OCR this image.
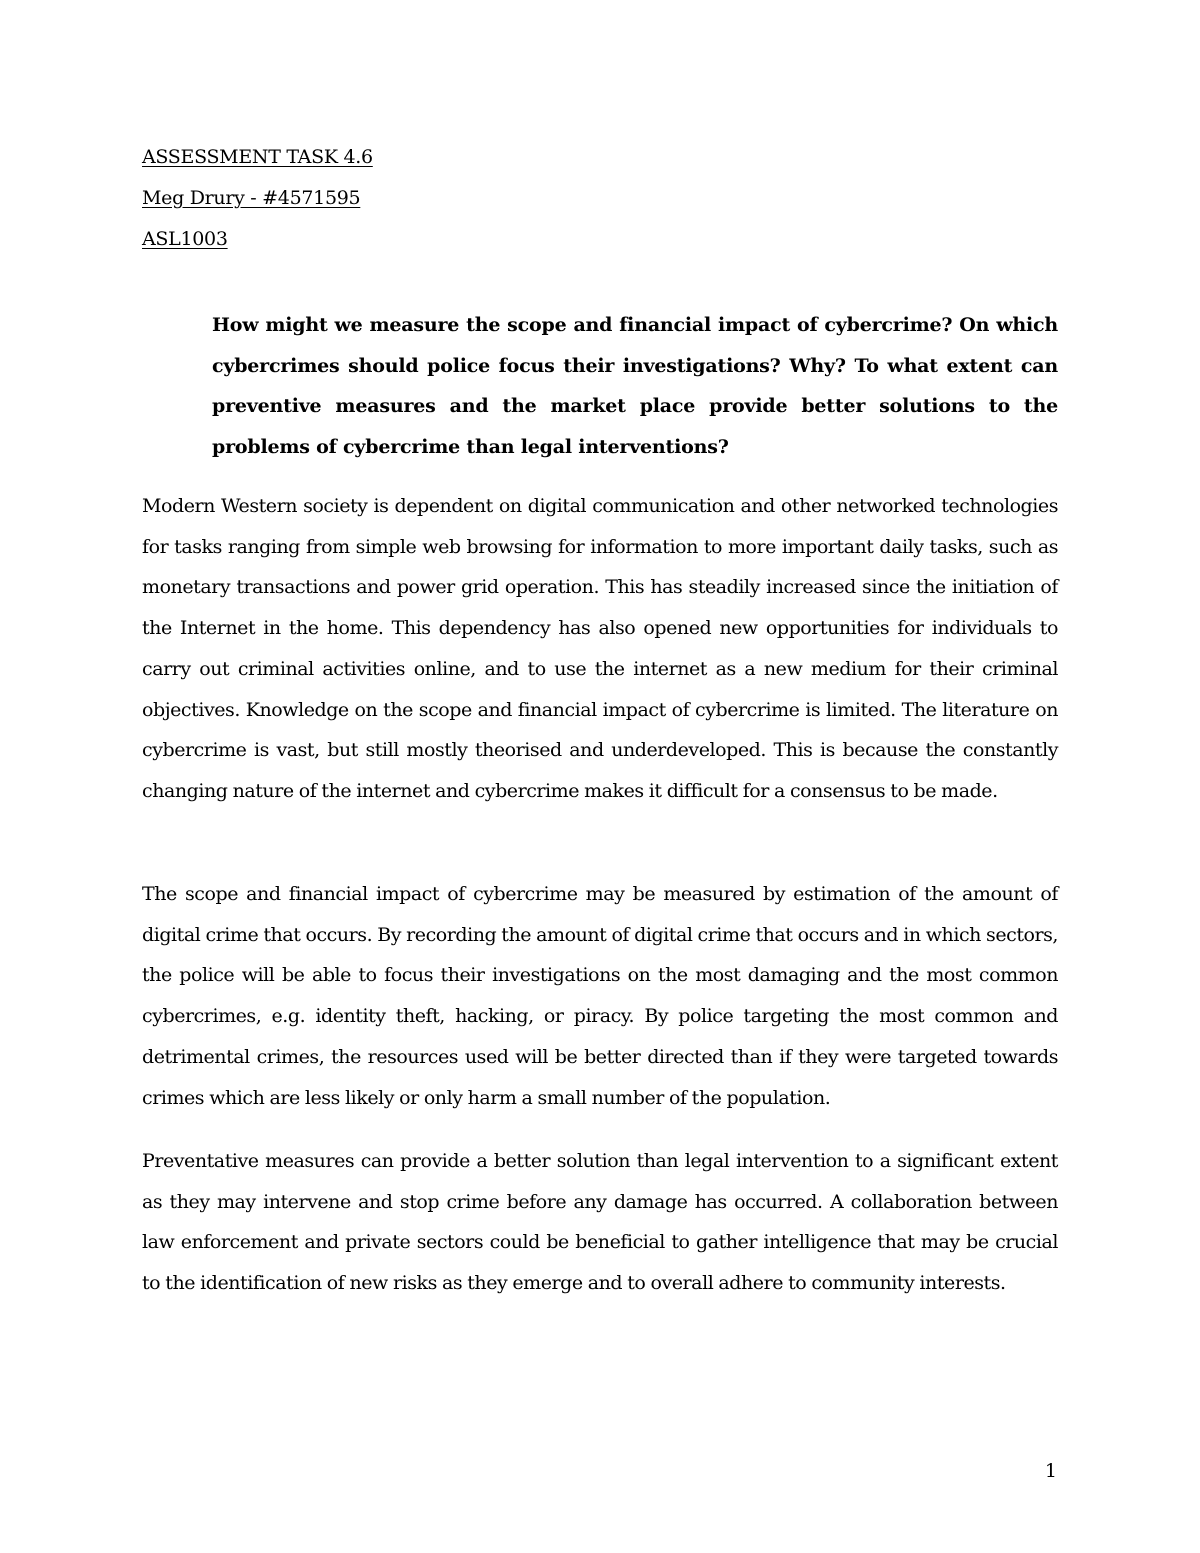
ASSESSMENT TASK 4.6
Meg Drury - #4571595
ASL1003
How might we measure the scope and financial impact of cybercrime? On which cybercrimes should police focus their investigations? Why? To what extent can preventive measures and the market place provide better solutions to the problems of cybercrime than legal interventions?
Modern Western society is dependent on digital communication and other networked technologies for tasks ranging from simple web browsing for information to more important daily tasks, such as monetary transactions and power grid operation. This has steadily increased since the initiation of the Internet in the home. This dependency has also opened new opportunities for individuals to carry out criminal activities online, and to use the internet as a new medium for their criminal objectives. Knowledge on the scope and financial impact of cybercrime is limited. The literature on cybercrime is vast, but still mostly theorised and underdeveloped. This is because the constantly changing nature of the internet and cybercrime makes it difficult for a consensus to be made.
The scope and financial impact of cybercrime may be measured by estimation of the amount of digital crime that occurs. By recording the amount of digital crime that occurs and in which sectors, the police will be able to focus their investigations on the most damaging and the most common cybercrimes, e.g. identity theft, hacking, or piracy. By police targeting the most common and detrimental crimes, the resources used will be better directed than if they were targeted towards crimes which are less likely or only harm a small number of the population.
Preventative measures can provide a better solution than legal intervention to a significant extent as they may intervene and stop crime before any damage has occurred. A collaboration between law enforcement and private sectors could be beneficial to gather intelligence that may be crucial to the identification of new risks as they emerge and to overall adhere to community interests.
1
